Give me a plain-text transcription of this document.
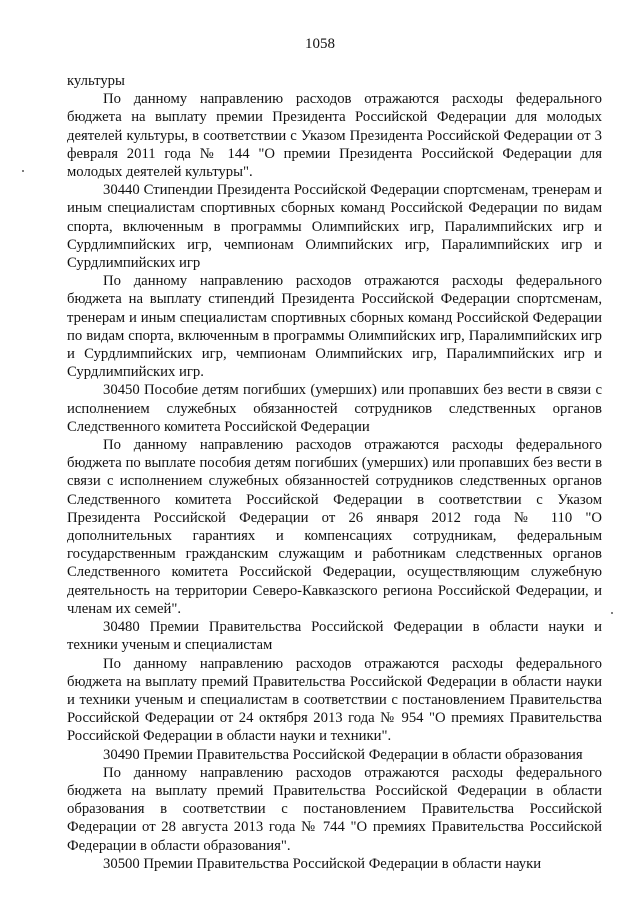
1058

культуры

По данному направлению расходов отражаются расходы федерального бюджета на выплату премии Президента Российской Федерации для молодых деятелей культуры, в соответствии с Указом Президента Российской Федерации от 3 февраля 2011 года № 144 "О премии Президента Российской Федерации для молодых деятелей культуры".

30440 Стипендии Президента Российской Федерации спортсменам, тренерам и иным специалистам спортивных сборных команд Российской Федерации по видам спорта, включенным в программы Олимпийских игр, Паралимпийских игр и Сурдлимпийских игр, чемпионам Олимпийских игр, Паралимпийских игр и Сурдлимпийских игр

По данному направлению расходов отражаются расходы федерального бюджета на выплату стипендий Президента Российской Федерации спортсменам, тренерам и иным специалистам спортивных сборных команд Российской Федерации по видам спорта, включенным в программы Олимпийских игр, Паралимпийских игр и Сурдлимпийских игр, чемпионам Олимпийских игр, Паралимпийских игр и Сурдлимпийских игр.

30450 Пособие детям погибших (умерших) или пропавших без вести в связи с исполнением служебных обязанностей сотрудников следственных органов Следственного комитета Российской Федерации

По данному направлению расходов отражаются расходы федерального бюджета по выплате пособия детям погибших (умерших) или пропавших без вести в связи с исполнением служебных обязанностей сотрудников следственных органов Следственного комитета Российской Федерации в соответствии с Указом Президента Российской Федерации от 26 января 2012 года № 110 "О дополнительных гарантиях и компенсациях сотрудникам, федеральным государственным гражданским служащим и работникам следственных органов Следственного комитета Российской Федерации, осуществляющим служебную деятельность на территории Северо-Кавказского региона Российской Федерации, и членам их семей".

30480 Премии Правительства Российской Федерации в области науки и техники ученым и специалистам

По данному направлению расходов отражаются расходы федерального бюджета на выплату премий Правительства Российской Федерации в области науки и техники ученым и специалистам в соответствии с постановлением Правительства Российской Федерации от 24 октября 2013 года № 954 "О премиях Правительства Российской Федерации в области науки и техники".

30490 Премии Правительства Российской Федерации в области образования

По данному направлению расходов отражаются расходы федерального бюджета на выплату премий Правительства Российской Федерации в области образования в соответствии с постановлением Правительства Российской Федерации от 28 августа 2013 года № 744 "О премиях Правительства Российской Федерации в области образования".

30500 Премии Правительства Российской Федерации в области науки
